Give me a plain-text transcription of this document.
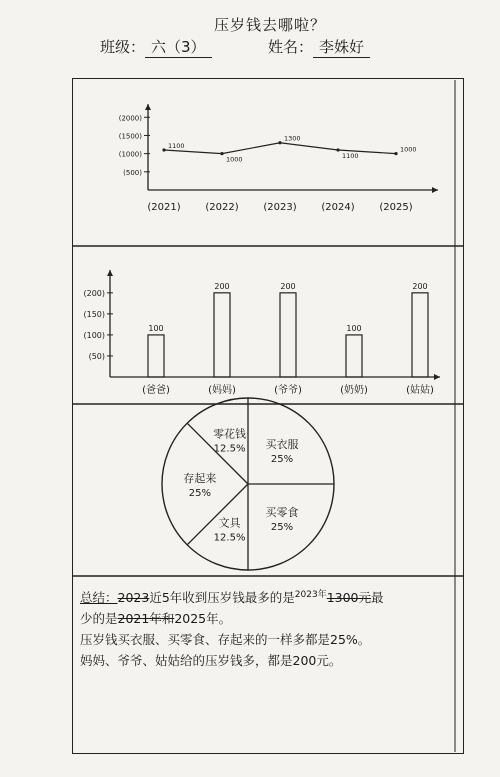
压岁钱去哪啦？
班级： 六（3）	姓名： 李姝好
(500)
(1000)
(1500)
(2000)
1100
(2021)
1000
(2022)
1300
(2023)
1100
(2024)
1000
(2025)
(50)
(100)
(150)
(200)
100
(爸爸)
200
(妈妈)
200
(爷爷)
100
(奶奶)
200
(姑姑)
买衣服
25%
买零食
25%
文具
12.5%
存起来
25%
零花钱
12.5%

总结：2023近5年收到压岁钱最多的是$^{2023年}$1300元最

少的是2021年和2025年。

压岁钱买衣服、买零食、存起来的一样多都是25%。

妈妈、爷爷、姑姑给的压岁钱多，都是200元。
